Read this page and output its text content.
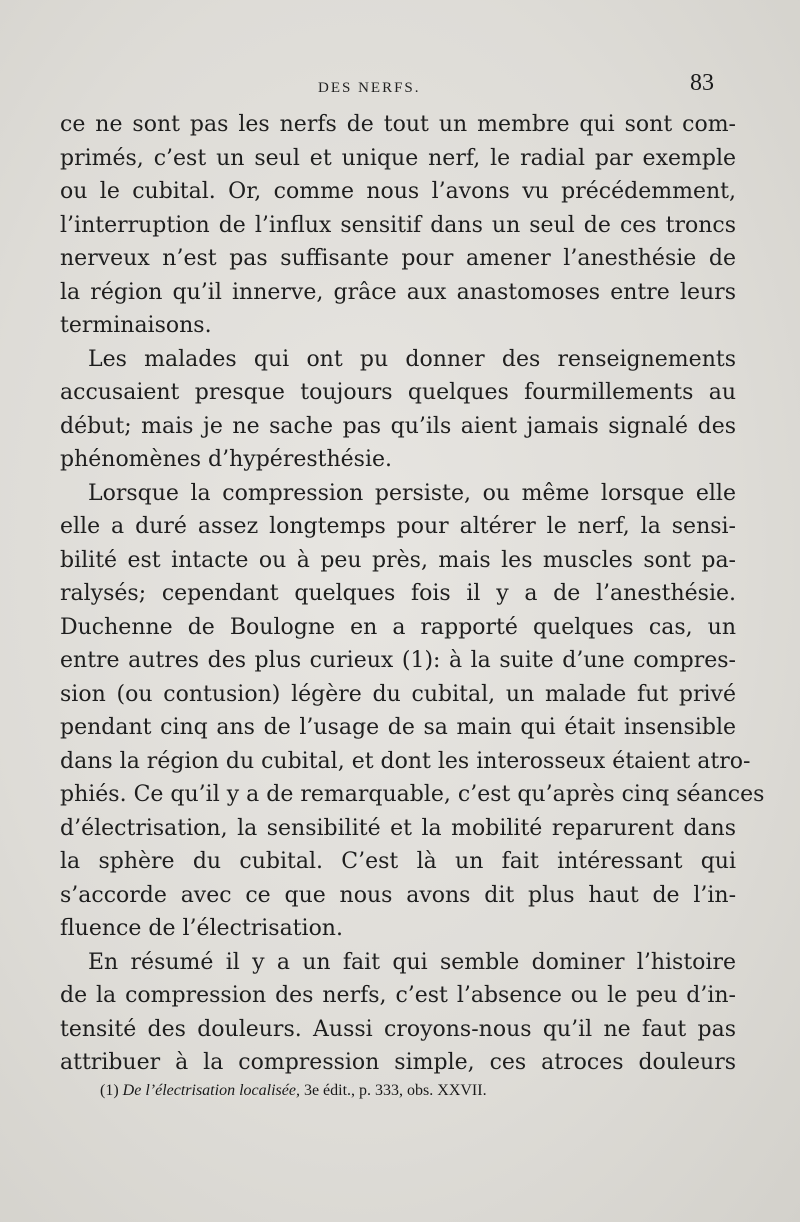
DES NERFS.	83
ce ne sont pas les nerfs de tout un membre qui sont com-
primés, c’est un seul et unique nerf, le radial par exemple
ou le cubital. Or, comme nous l’avons vu précédemment,
l’interruption de l’influx sensitif dans un seul de ces troncs
nerveux n’est pas suffisante pour amener l’anesthésie de
la région qu’il innerve, grâce aux anastomoses entre leurs
terminaisons.
Les malades qui ont pu donner des renseignements
accusaient presque toujours quelques fourmillements au
début; mais je ne sache pas qu’ils aient jamais signalé des
phénomènes d’hypéresthésie.
Lorsque la compression persiste, ou même lorsque elle
elle a duré assez longtemps pour altérer le nerf, la sensi-
bilité est intacte ou à peu près, mais les muscles sont pa-
ralysés; cependant quelques fois il y a de l’anesthésie.
Duchenne de Boulogne en a rapporté quelques cas, un
entre autres des plus curieux (1): à la suite d’une compres-
sion (ou contusion) légère du cubital, un malade fut privé
pendant cinq ans de l’usage de sa main qui était insensible
dans la région du cubital, et dont les interosseux étaient atro-
phiés. Ce qu’il y a de remarquable, c’est qu’après cinq séances
d’électrisation, la sensibilité et la mobilité reparurent dans
la sphère du cubital. C’est là un fait intéressant qui
s’accorde avec ce que nous avons dit plus haut de l’in-
fluence de l’électrisation.
En résumé il y a un fait qui semble dominer l’histoire
de la compression des nerfs, c’est l’absence ou le peu d’in-
tensité des douleurs. Aussi croyons-nous qu’il ne faut pas
attribuer à la compression simple, ces atroces douleurs
(1) De l’électrisation localisée, 3e édit., p. 333, obs. XXVII.
